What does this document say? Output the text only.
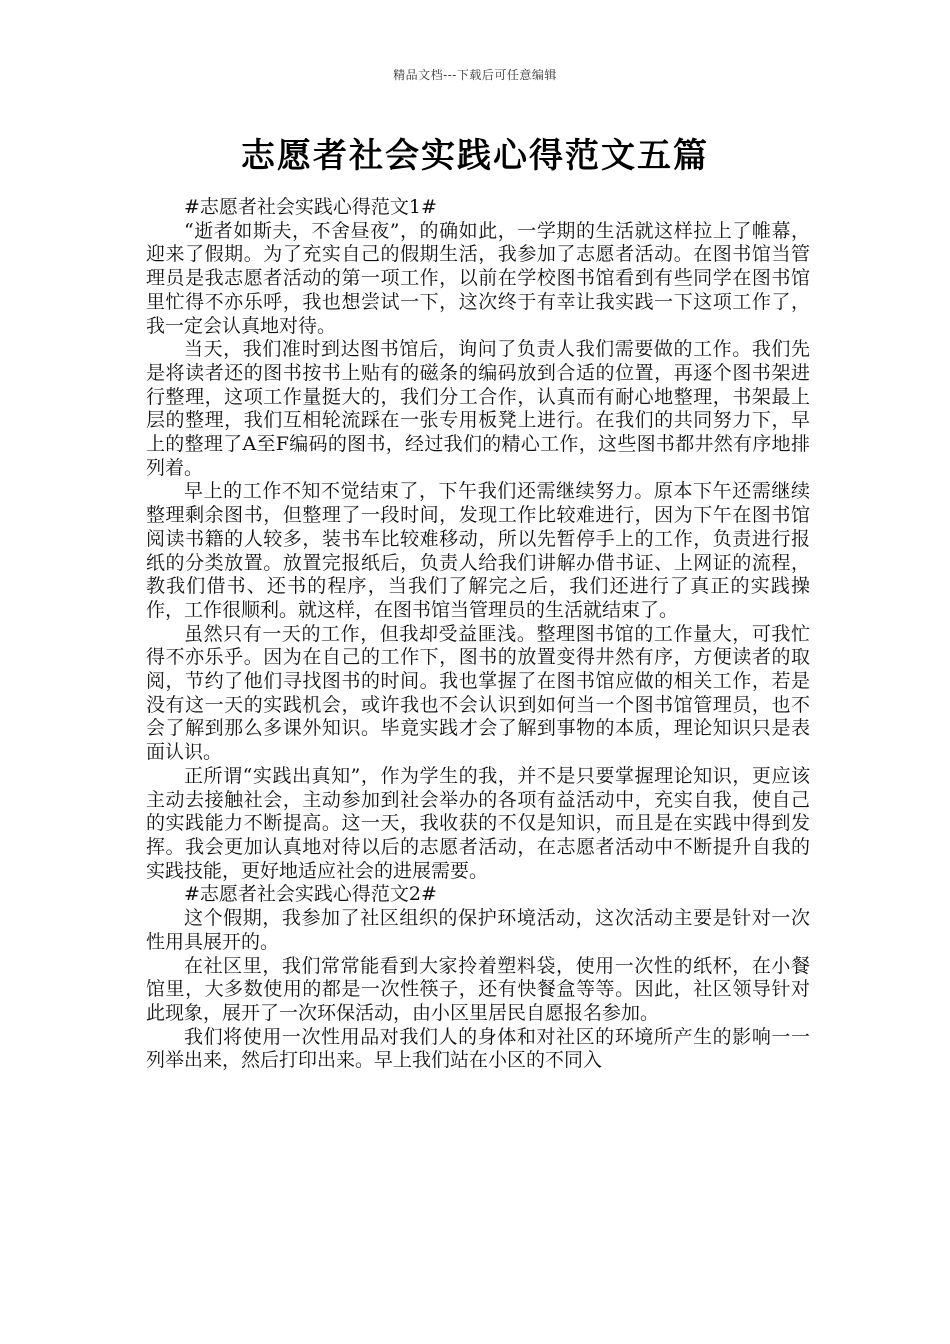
精品文档---下载后可任意编辑
志愿者社会实践心得范文五篇

#志愿者社会实践心得范文1#

“逝者如斯夫，不舍昼夜”，的确如此，一学期的生活就这样拉上了帷幕，迎来了假期。为了充实自己的假期生活，我参加了志愿者活动。在图书馆当管理员是我志愿者活动的第一项工作，以前在学校图书馆看到有些同学在图书馆里忙得不亦乐呼，我也想尝试一下，这次终于有幸让我实践一下这项工作了，我一定会认真地对待。

当天，我们准时到达图书馆后，询问了负责人我们需要做的工作。我们先是将读者还的图书按书上贴有的磁条的编码放到合适的位置，再逐个图书架进行整理，这项工作量挺大的，我们分工合作，认真而有耐心地整理，书架最上层的整理，我们互相轮流踩在一张专用板凳上进行。在我们的共同努力下，早上的整理了A至F编码的图书，经过我们的精心工作，这些图书都井然有序地排列着。

早上的工作不知不觉结束了，下午我们还需继续努力。原本下午还需继续整理剩余图书，但整理了一段时间，发现工作比较难进行，因为下午在图书馆阅读书籍的人较多，装书车比较难移动，所以先暂停手上的工作，负责进行报纸的分类放置。放置完报纸后，负责人给我们讲解办借书证、上网证的流程，教我们借书、还书的程序，当我们了解完之后，我们还进行了真正的实践操作，工作很顺利。就这样，在图书馆当管理员的生活就结束了。

虽然只有一天的工作，但我却受益匪浅。整理图书馆的工作量大，可我忙得不亦乐乎。因为在自己的工作下，图书的放置变得井然有序，方便读者的取阅，节约了他们寻找图书的时间。我也掌握了在图书馆应做的相关工作，若是没有这一天的实践机会，或许我也不会认识到如何当一个图书馆管理员，也不会了解到那么多课外知识。毕竟实践才会了解到事物的本质，理论知识只是表面认识。

正所谓“实践出真知”，作为学生的我，并不是只要掌握理论知识，更应该主动去接触社会，主动参加到社会举办的各项有益活动中，充实自我，使自己的实践能力不断提高。这一天，我收获的不仅是知识，而且是在实践中得到发挥。我会更加认真地对待以后的志愿者活动，在志愿者活动中不断提升自我的实践技能，更好地适应社会的进展需要。

#志愿者社会实践心得范文2#

这个假期，我参加了社区组织的保护环境活动，这次活动主要是针对一次性用具展开的。

在社区里，我们常常能看到大家拎着塑料袋，使用一次性的纸杯，在小餐馆里，大多数使用的都是一次性筷子，还有快餐盒等等。因此，社区领导针对此现象，展开了一次环保活动，由小区里居民自愿报名参加。

我们将使用一次性用品对我们人的身体和对社区的环境所产生的影响一一列举出来，然后打印出来。早上我们站在小区的不同入
